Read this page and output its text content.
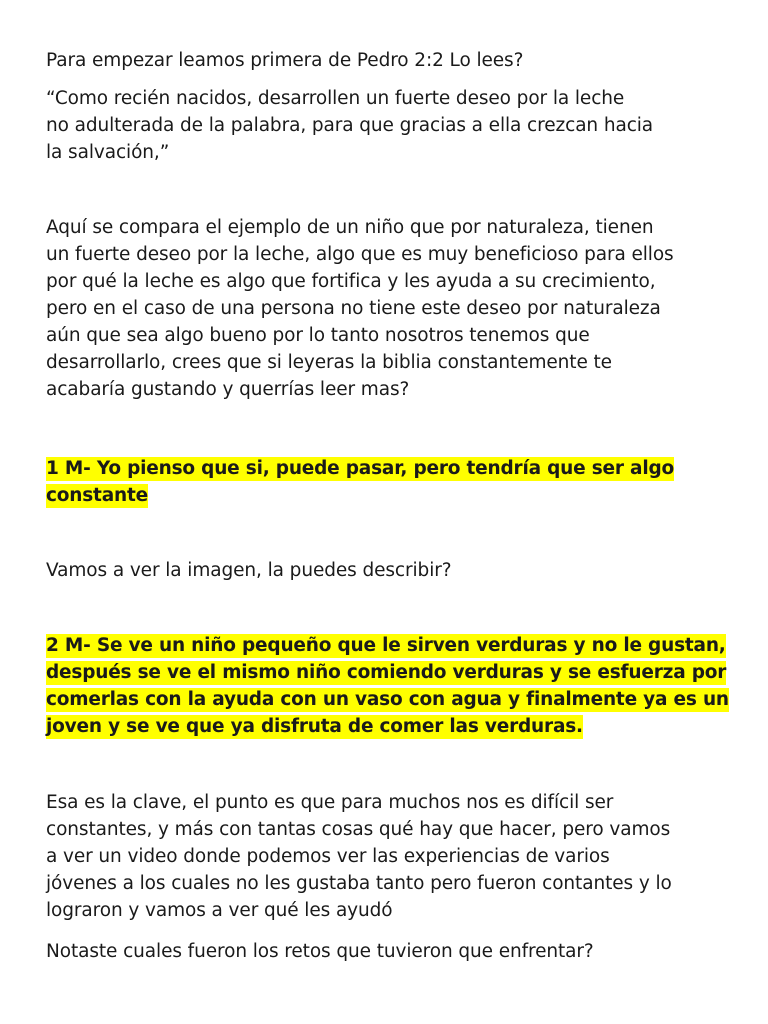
Para empezar leamos primera de Pedro 2:2 Lo lees?

“Como recién nacidos, desarrollen un fuerte deseo por la leche
no adulterada de la palabra, para que gracias a ella crezcan hacia
la salvación,”

Aquí se compara el ejemplo de un niño que por naturaleza, tienen
un fuerte deseo por la leche, algo que es muy beneficioso para ellos
por qué la leche es algo que fortifica y les ayuda a su crecimiento,
pero en el caso de una persona no tiene este deseo por naturaleza
aún que sea algo bueno por lo tanto nosotros tenemos que
desarrollarlo, crees que si leyeras la biblia constantemente te
acabaría gustando y querrías leer mas?

1 M- Yo pienso que si, puede pasar, pero tendría que ser algo
constante

Vamos a ver la imagen, la puedes describir?

2 M- Se ve un niño pequeño que le sirven verduras y no le gustan,
después se ve el mismo niño comiendo verduras y se esfuerza por
comerlas con la ayuda con un vaso con agua y finalmente ya es un
joven y se ve que ya disfruta de comer las verduras.

Esa es la clave, el punto es que para muchos nos es difícil ser
constantes, y más con tantas cosas qué hay que hacer, pero vamos
a ver un video donde podemos ver las experiencias de varios
jóvenes a los cuales no les gustaba tanto pero fueron contantes y lo
lograron y vamos a ver qué les ayudó

Notaste cuales fueron los retos que tuvieron que enfrentar?
